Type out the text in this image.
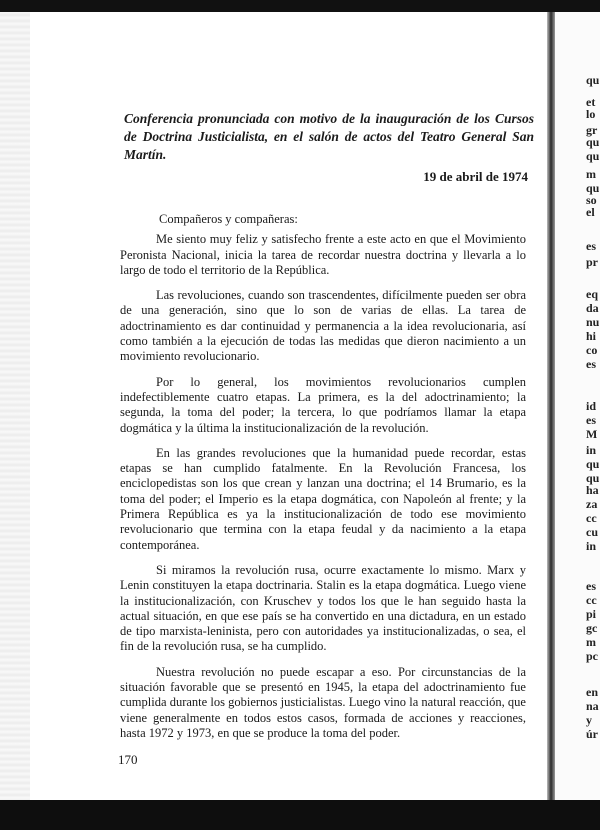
Conferencia pronunciada con motivo de la inauguración de los Cursos de Doctrina Justicialista, en el salón de actos del Teatro General San Martín.
19 de abril de 1974

Compañeros y compañeras:

Me siento muy feliz y satisfecho frente a este acto en que el Movimiento Peronista Nacional, inicia la tarea de recordar nuestra doctrina y llevarla a lo largo de todo el territorio de la República.

Las revoluciones, cuando son trascendentes, difícilmente pueden ser obra de una generación, sino que lo son de varias de ellas. La tarea de adoctrinamiento es dar continuidad y permanencia a la idea revolucionaria, así como también a la ejecución de todas las medidas que dieron nacimiento a un movimiento revolucionario.

Por lo general, los movimientos revolucionarios cumplen indefectiblemente cuatro etapas. La primera, es la del adoctrinamiento; la segunda, la toma del poder; la tercera, lo que podríamos llamar la etapa dogmática y la última la institucionalización de la revolución.

En las grandes revoluciones que la humanidad puede recordar, estas etapas se han cumplido fatalmente. En la Revolución Francesa, los enciclopedistas son los que crean y lanzan una doctrina; el 14 Brumario, es la toma del poder; el Imperio es la etapa dogmática, con Napoleón al frente; y la Primera República es ya la institucionalización de todo ese movimiento revolucionario que termina con la etapa feudal y da nacimiento a la etapa contemporánea.

Si miramos la revolución rusa, ocurre exactamente lo mismo. Marx y Lenin constituyen la etapa doctrinaria. Stalin es la etapa dogmática. Luego viene la institucionalización, con Kruschev y todos los que le han seguido hasta la actual situación, en que ese país se ha convertido en una dictadura, en un estado de tipo marxista-leninista, pero con autoridades ya institucionalizadas, o sea, el fin de la revolución rusa, se ha cumplido.

Nuestra revolución no puede escapar a eso. Por circunstancias de la situación favorable que se presentó en 1945, la etapa del adoctrinamiento fue cumplida durante los gobiernos justicialistas. Luego vino la natural reacción, que viene generalmente en todos estos casos, formada de acciones y reacciones, hasta 1972 y 1973, en que se produce la toma del poder.

170
qu
et
lo
gr
qu
qu
m
qu
so
el
es
pr
eq
da
nu
hi
co
es
id
es
M
in
qu
qu
ha
za
cc
cu
in
es
cc
pi
gc
m
pc
en
na
y
úr
